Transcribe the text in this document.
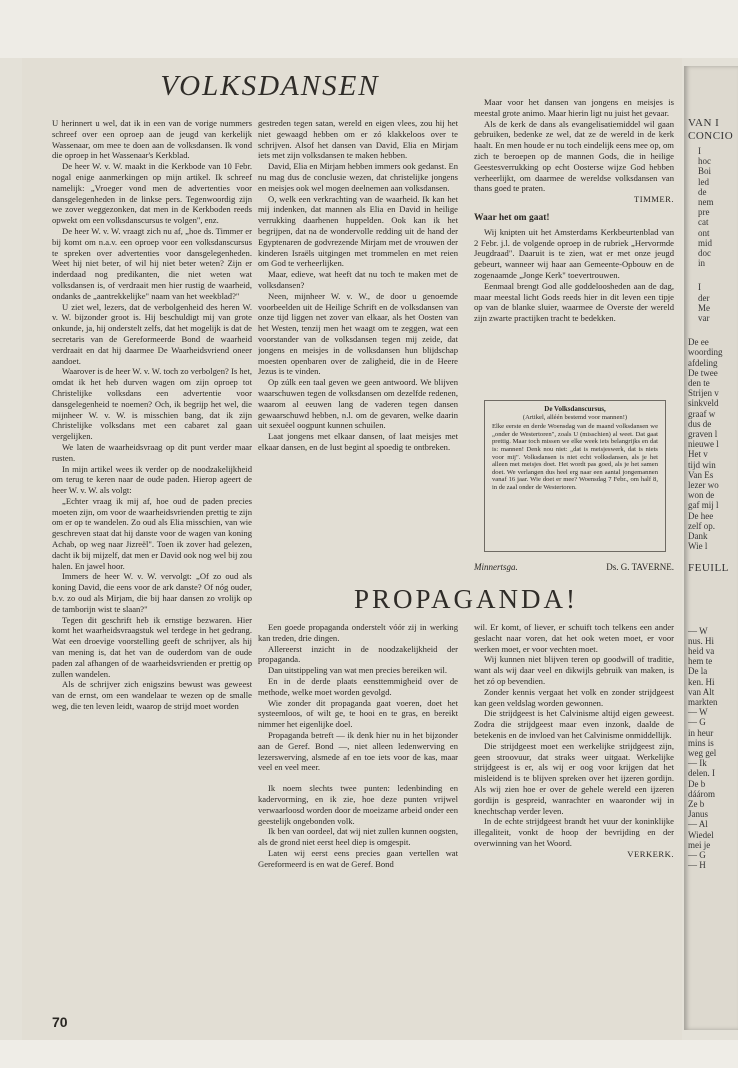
VOLKSDANSEN

U herinnert u wel, dat ik in een van de vorige nummers schreef over een oproep aan de jeugd van kerkelijk Wassenaar, om mee te doen aan de volksdansen. Ik vond die oproep in het Wassenaar's Kerkblad.

De heer W. v. W. maakt in die Kerkbode van 10 Febr. nogal enige aanmerkingen op mijn artikel. Ik schreef namelijk: „Vroeger vond men de advertenties voor dansgelegenheden in de linkse pers. Tegenwoordig zijn we zover weggezonken, dat men in de Kerkboden reeds opwekt om een volksdanscursus te volgen", enz.

De heer W. v. W. vraagt zich nu af, „hoe ds. Timmer er bij komt om n.a.v. een oproep voor een volksdanscursus te spreken over advertenties voor dansgelegenheden. Weet hij niet beter, of wil hij niet beter weten? Zijn er inderdaad nog predikanten, die niet weten wat volksdansen is, of verdraait men hier rustig de waarheid, ondanks de „aantrekkelijke" naam van het weekblad?"

U ziet wel, lezers, dat de verbolgenheid des heren W. v. W. bijzonder groot is. Hij beschuldigt mij van grote onkunde, ja, hij onderstelt zelfs, dat het mogelijk is dat de secretaris van de Gereformeerde Bond de waarheid verdraait en dat hij daarmee De Waarheidsvriend oneer aandoet.

Waarover is de heer W. v. W. toch zo verbolgen? Is het, omdat ik het heb durven wagen om zijn oproep tot Christelijke volksdans een advertentie voor dansgelegenheid te noemen? Och, ik begrijp het wel, die mijnheer W. v. W. is misschien bang, dat ik zijn Christelijke volksdans met een cabaret zal gaan vergelijken.

We laten de waarheidsvraag op dit punt verder maar rusten.

In mijn artikel wees ik verder op de noodzakelijkheid om terug te keren naar de oude paden. Hierop ageert de heer W. v. W. als volgt:

„Echter vraag ik mij af, hoe oud de paden precies moeten zijn, om voor de waarheidsvrienden prettig te zijn om er op te wandelen. Zo oud als Elia misschien, van wie geschreven staat dat hij danste voor de wagen van koning Achab, op weg naar Jizreël". Toen ik zover had gelezen, dacht ik bij mijzelf, dat men er David ook nog wel bij zou halen. En jawel hoor.

Immers de heer W. v. W. vervolgt: „Of zo oud als koning David, die eens voor de ark danste? Of nóg ouder, b.v. zo oud als Mirjam, die bij haar dansen zo vrolijk op de tamborijn wist te slaan?"

Tegen dit geschrift heb ik ernstige bezwaren. Hier komt het waarheidsvraagstuk wel terdege in het gedrang. Wat een droevige voorstelling geeft de schrijver, als hij van mening is, dat het van de ouderdom van de oude paden zal afhangen of de waarheidsvrienden er prettig op zullen wandelen.

Als de schrijver zich enigszins bewust was geweest van de ernst, om een wandelaar te wezen op de smalle weg, die ten leven leidt, waarop de strijd moet worden

gestreden tegen satan, wereld en eigen vlees, zou hij het niet gewaagd hebben om er zó klakkeloos over te schrijven. Alsof het dansen van David, Elia en Mirjam iets met zijn volksdansen te maken hebben.

David, Elia en Mirjam hebben immers ook gedanst. En nu mag dus de conclusie wezen, dat christelijke jongens en meisjes ook wel mogen deelnemen aan volksdansen.

O, welk een verkrachting van de waarheid. Ik kan het mij indenken, dat mannen als Elia en David in heilige verrukking daarhenen huppelden. Ook kan ik het begrijpen, dat na de wondervolle redding uit de hand der Egyptenaren de godvrezende Mirjam met de vrouwen der kinderen Israëls uitgingen met trommelen en met reien om God te verheerlijken.

Maar, edieve, wat heeft dat nu toch te maken met de volksdansen?

Neen, mijnheer W. v. W., de door u genoemde voorbeelden uit de Heilige Schrift en de volksdansen van onze tijd liggen net zover van elkaar, als het Oosten van het Westen, tenzij men het waagt om te zeggen, wat een voorstander van de volksdansen tegen mij zeide, dat jongens en meisjes in de volksdansen hun blijdschap moesten openbaren over de zaligheid, die in de Heere Jezus is te vinden.

Op zúlk een taal geven we geen antwoord. We blijven waarschuwen tegen de volksdansen om dezelfde redenen, waarom al eeuwen lang de vaderen tegen dansen gewaarschuwd hebben, n.l. om de gevaren, welke daarin uit sexuëel oogpunt kunnen schuilen.

Laat jongens met elkaar dansen, of laat meisjes met elkaar dansen, en de lust begint al spoedig te ontbreken.

Maar voor het dansen van jongens en meisjes is meestal grote animo. Maar hierin ligt nu juist het gevaar.

Als de kerk de dans als evangelisatiemiddel wil gaan gebruiken, bedenke ze wel, dat ze de wereld in de kerk haalt. En men houde er nu toch eindelijk eens mee op, om zich te beroepen op de mannen Gods, die in heilige Geestesverrukking op echt Oosterse wijze God hebben verheerlijkt, om daarmee de wereldse volksdansen van thans goed te praten.

TIMMER.

Waar het om gaat!

Wij knipten uit het Amsterdams Kerkbeurtenblad van 2 Febr. j.l. de volgende oproep in de rubriek „Hervormde Jeugdraad". Daaruit is te zien, wat er met onze jeugd gebeurt, wanneer wij haar aan Gemeente-Opbouw en de zogenaamde „Jonge Kerk" toevertrouwen.

Eenmaal brengt God alle goddeloosheden aan de dag, maar meestal licht Gods reeds hier in dit leven een tipje op van de blanke sluier, waarmee de Overste der wereld zijn zwarte practijken tracht te bedekken.

De Volksdanscursus,
(Artikel, alléén bestemd voor mannen!)
Elke eerste en derde Woensdag van de maand volksdansen we „onder de Westertoren", zoals U (misschien) al weet. Dat gaat prettig. Maar toch missen we elke week iets belangrijks en dat is: mannen! Denk nou niet: „dat is meisjeswerk, dat is niets voor mij". Volksdansen is niet echt volksdansen, als je het alleen met meisjes doet. Het wordt pas goed, als je het samen doet. We verlangen dus heel erg naar een aantal jongemannen vanaf 16 jaar. Wie doet er mee? Woensdag 7 Febr., om half 8, in de zaal onder de Westertoren.
Minnertsga.	Ds. G. TAVERNE.
PROPAGANDA!

Een goede propaganda onderstelt vóór zij in werking kan treden, drie dingen.

Allereerst inzicht in de noodzakelijkheid der propaganda.

Dan uitstippeling van wat men precies bereiken wil.

En in de derde plaats eensttemmigheid over de methode, welke moet worden gevolgd.

Wie zonder dit propaganda gaat voeren, doet het systeemloos, of wilt ge, te hooi en te gras, en bereikt nimmer het eigenlijke doel.

Propaganda betreft — ik denk hier nu in het bijzonder aan de Geref. Bond —, niet alleen ledenwerving en lezerswerving, alsmede af en toe iets voor de kas, maar veel en veel meer.

Ik noem slechts twee punten: ledenbinding en kadervorming, en ik zie, hoe deze punten vrijwel verwaarloosd worden door de moeizame arbeid onder een geestelijk ongebonden volk.

Ik ben van oordeel, dat wij niet zullen kunnen oogsten, als de grond niet eerst heel diep is omgespit.

Laten wij eerst eens precies gaan vertellen wat Gereformeerd is en wat de Geref. Bond

wil. Er komt, of liever, er schuift toch telkens een ander geslacht naar voren, dat het ook weten moet, er voor werken moet, er voor vechten moet.

Wij kunnen niet blijven teren op goodwill of traditie, want als wij daar veel en dikwijls gebruik van maken, is het zó op bevendien.

Zonder kennis vergaat het volk en zonder strijdgeest kan geen veldslag worden gewonnen.

Die strijdgeest is het Calvinisme altijd eigen geweest. Zodra die strijdgeest maar even inzonk, daalde de betekenis en de invloed van het Calvinisme onmiddellijk.

Die strijdgeest moet een werkelijke strijdgeest zijn, geen stroovuur, dat straks weer uitgaat. Werkelijke strijdgeest is er, als wij er oog voor krijgen dat het misleidend is te blijven spreken over het ijzeren gordijn. Als wij zien hoe er over de gehele wereld een ijzeren gordijn is gespreid, wanrachter en waaronder wij in knechtschap verder leven.

In de echte strijdgeest brandt het vuur der koninklijke illegaliteit, vonkt de hoop der bevrijding en der overwinning van het Woord.

VERKERK.

70
VAN I
CONCIO
I
hoc
Boi
led
de
nem
pre
cat
ont
mid
doc
in
I
der
Me
var
De ee
woording
afdeling
De twee
den te
Strijen v
sinkveld
graaf w
dus de
graven l
nieuwe l
Het v
tijd win
Van Es
lezer wo
won de
gaf mij l
De hee
zelf op.
Dank
Wie l
FEUILL
— W
nus. Hi
heid va
hem te
De la
ken. Hi
van Alt
markten
— W
— G
in heur
mins is
weg gel
— Ik
delen. I
De b
dáárom
Ze b
Janus
— Al
Wiedel
mei je
— G
— H
